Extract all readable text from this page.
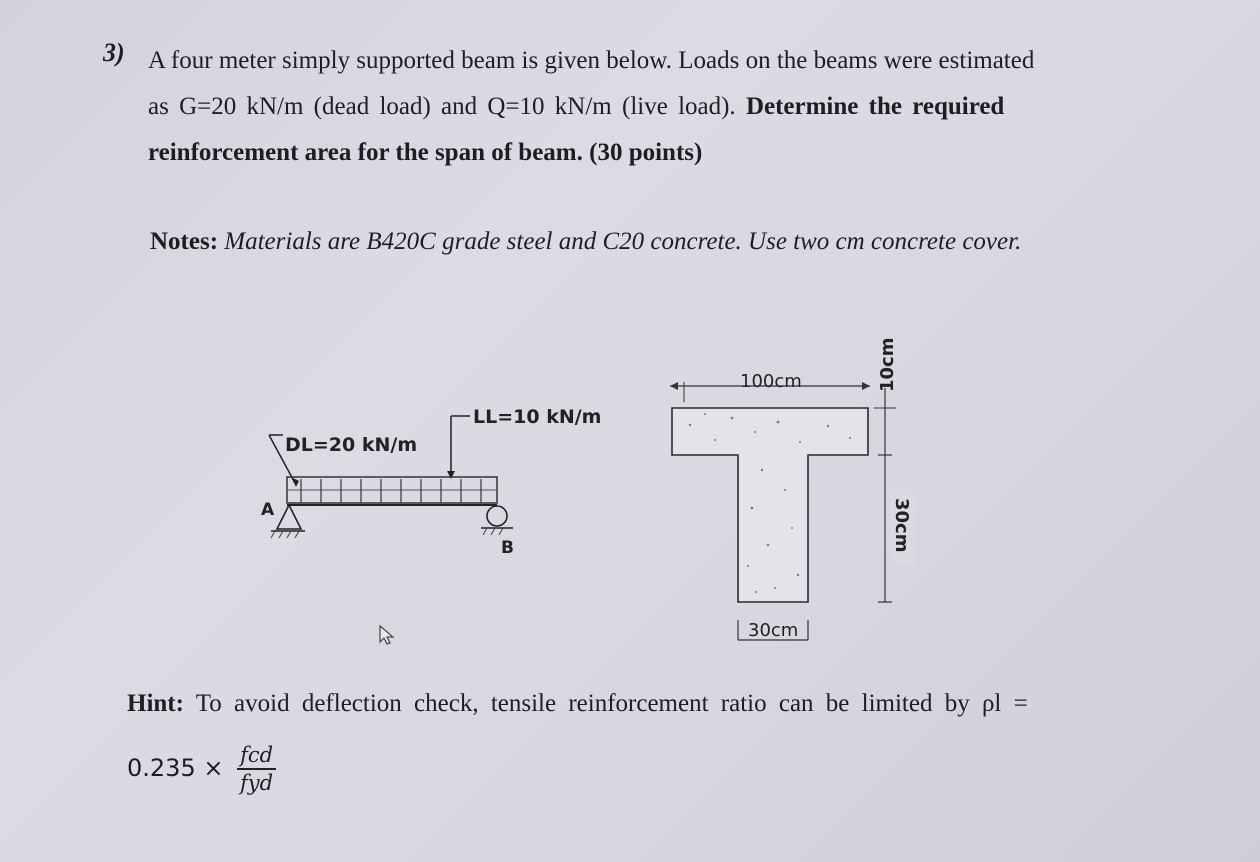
3) A four meter simply supported beam is given below. Loads on the beams were estimated
as G=20 kN/m (dead load) and Q=10 kN/m (live load). Determine the required
reinforcement area for the span of beam. (30 points)
Notes: Materials are B420C grade steel and C20 concrete. Use two cm concrete cover.
LL=10 kN/m
DL=20 kN/m
A
B
100cm	10cm
30cm
30cm
Hint: To avoid deflection check, tensile reinforcement ratio can be limited by ρl =
$0.235 \times \frac{\text{fcd}}{\text{fyd}}$
